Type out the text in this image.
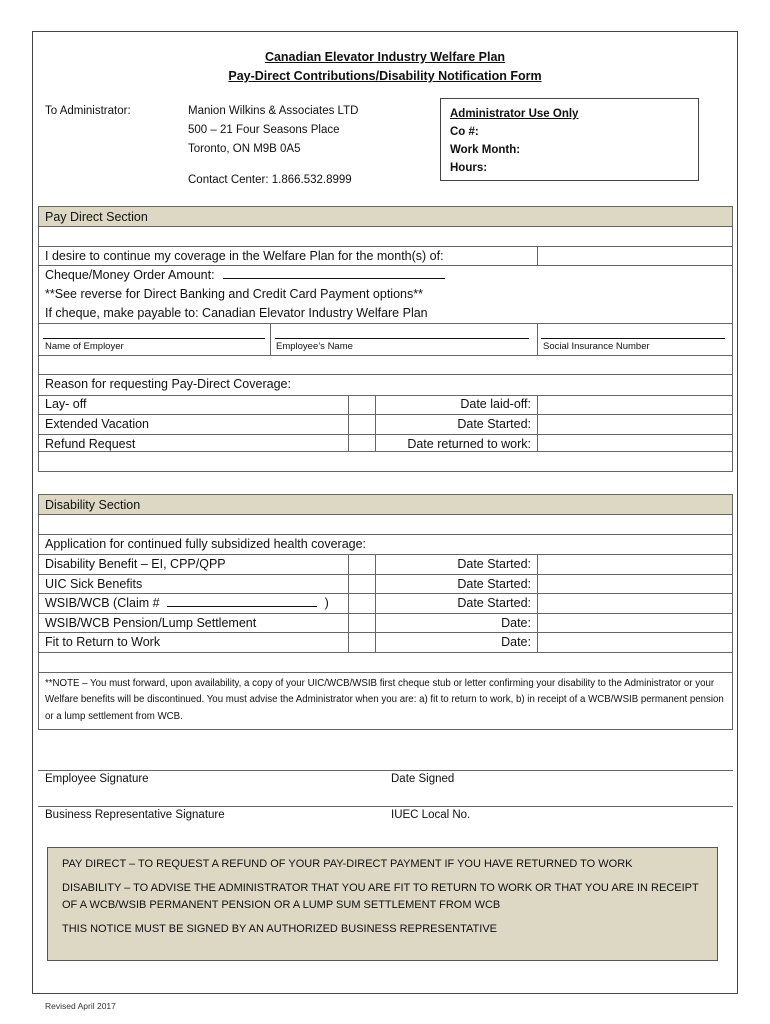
Canadian Elevator Industry Welfare Plan
Pay-Direct Contributions/Disability Notification Form
To Administrator:	Manion Wilkins & Associates LTD
500 – 21 Four Seasons Place
Toronto, ON M9B 0A5
Contact Center: 1.866.532.8999
Administrator Use Only
Co #:
Work Month:
Hours:
Pay Direct Section
I desire to continue my coverage in the Welfare Plan for the month(s) of:
Cheque/Money Order Amount:
**See reverse for Direct Banking and Credit Card Payment options**
If cheque, make payable to: Canadian Elevator Industry Welfare Plan
Name of Employer	Employee’s Name	Social Insurance Number
Reason for requesting Pay-Direct Coverage:
Lay- off	Date laid-off:
Extended Vacation	Date Started:
Refund Request	Date returned to work:
Disability Section
Application for continued fully subsidized health coverage:
Disability Benefit – EI, CPP/QPP	Date Started:
UIC Sick Benefits	Date Started:
WSIB/WCB (Claim #	)	Date Started:
WSIB/WCB Pension/Lump Settlement	Date:
Fit to Return to Work	Date:
**NOTE – You must forward, upon availability, a copy of your UIC/WCB/WSIB first cheque stub or letter confirming your disability to the Administrator or your Welfare benefits will be discontinued. You must advise the Administrator when you are: a) fit to return to work, b) in receipt of a WCB/WSIB permanent pension or a lump settlement from WCB.
Employee Signature	Date Signed
Business Representative Signature	IUEC Local No.

PAY DIRECT – TO REQUEST A REFUND OF YOUR PAY-DIRECT PAYMENT IF YOU HAVE RETURNED TO WORK

DISABILITY – TO ADVISE THE ADMINISTRATOR THAT YOU ARE FIT TO RETURN TO WORK OR THAT YOU ARE IN RECEIPT OF A WCB/WSIB PERMANENT PENSION OR A LUMP SUM SETTLEMENT FROM WCB

THIS NOTICE MUST BE SIGNED BY AN AUTHORIZED BUSINESS REPRESENTATIVE

Revised April 2017
